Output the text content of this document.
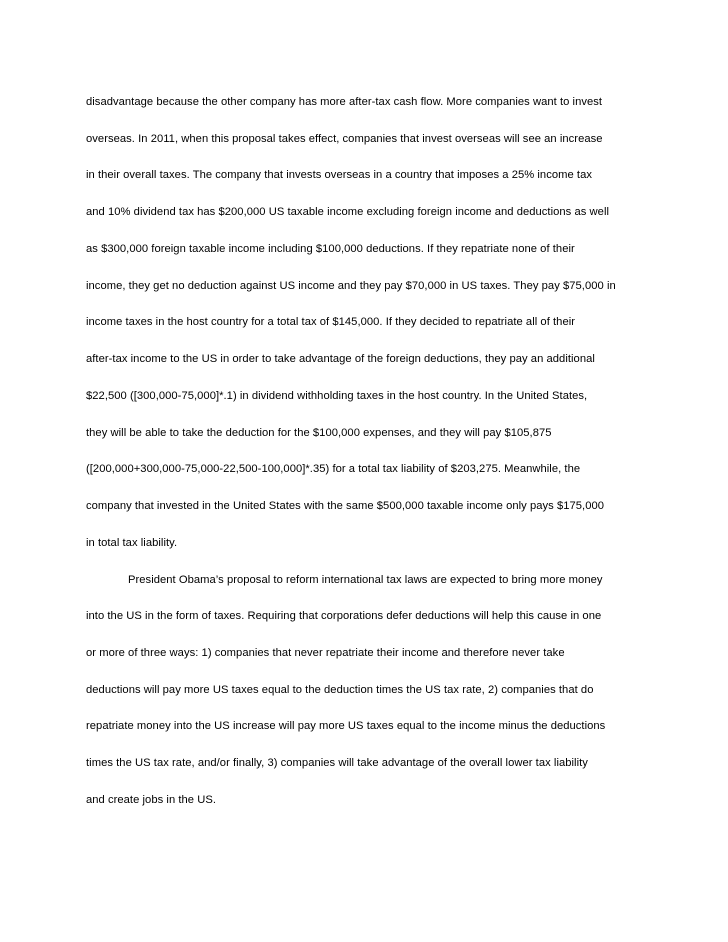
disadvantage because the other company has more after-tax cash flow. More companies want to invest
overseas. In 2011, when this proposal takes effect, companies that invest overseas will see an increase
in their overall taxes. The company that invests overseas in a country that imposes a 25% income tax
and 10% dividend tax has $200,000 US taxable income excluding foreign income and deductions as well
as $300,000 foreign taxable income including $100,000 deductions. If they repatriate none of their
income, they get no deduction against US income and they pay $70,000 in US taxes. They pay $75,000 in
income taxes in the host country for a total tax of $145,000. If they decided to repatriate all of their
after-tax income to the US in order to take advantage of the foreign deductions, they pay an additional
$22,500 ([300,000-75,000]*.1) in dividend withholding taxes in the host country. In the United States,
they will be able to take the deduction for the $100,000 expenses, and they will pay $105,875
([200,000+300,000-75,000-22,500-100,000]*.35) for a total tax liability of $203,275. Meanwhile, the
company that invested in the United States with the same $500,000 taxable income only pays $175,000
in total tax liability.
President Obama’s proposal to reform international tax laws are expected to bring more money
into the US in the form of taxes. Requiring that corporations defer deductions will help this cause in one
or more of three ways: 1) companies that never repatriate their income and therefore never take
deductions will pay more US taxes equal to the deduction times the US tax rate, 2) companies that do
repatriate money into the US increase will pay more US taxes equal to the income minus the deductions
times the US tax rate, and/or finally, 3) companies will take advantage of the overall lower tax liability
and create jobs in the US.
